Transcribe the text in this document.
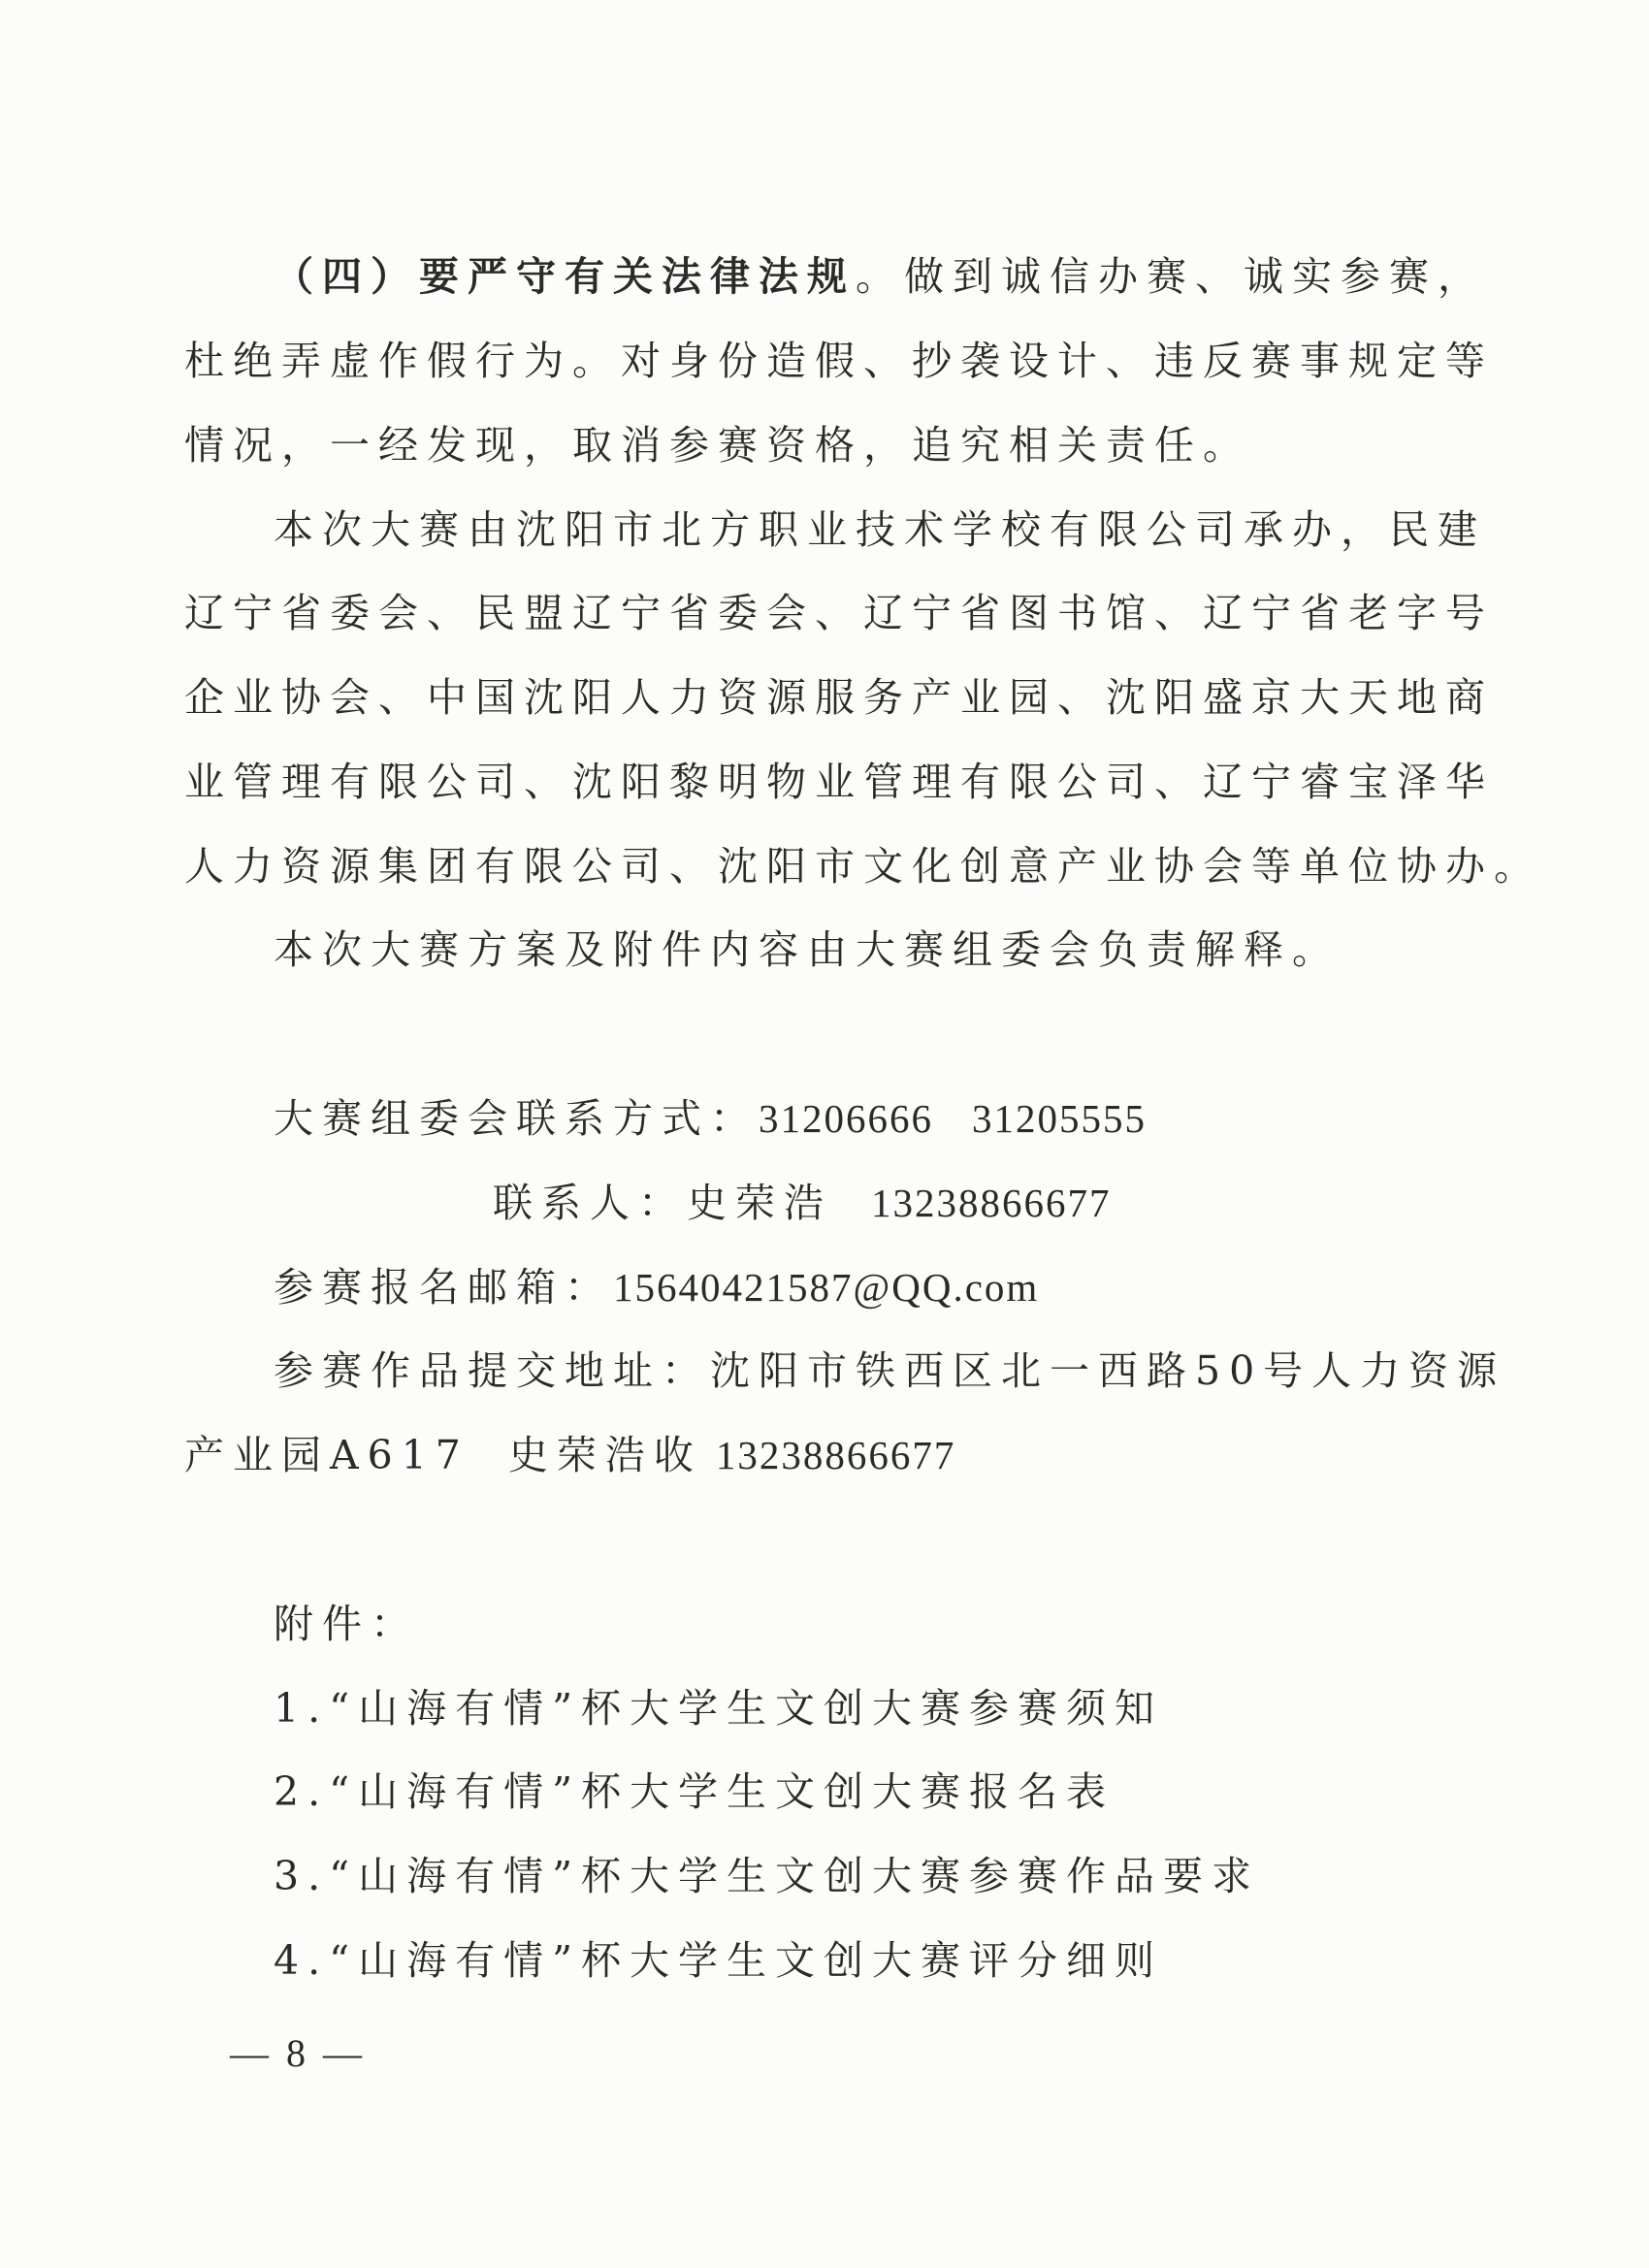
（四）要严守有关法律法规。做到诚信办赛、诚实参赛，
杜绝弄虚作假行为。对身份造假、抄袭设计、违反赛事规定等
情况，一经发现，取消参赛资格，追究相关责任。
本次大赛由沈阳市北方职业技术学校有限公司承办，民建
辽宁省委会、民盟辽宁省委会、辽宁省图书馆、辽宁省老字号
企业协会、中国沈阳人力资源服务产业园、沈阳盛京大天地商
业管理有限公司、沈阳黎明物业管理有限公司、辽宁睿宝泽华
人力资源集团有限公司、沈阳市文化创意产业协会等单位协办。
本次大赛方案及附件内容由大赛组委会负责解释。
大赛组委会联系方式：31206666 31205555
联系人：史荣浩 13238866677
参赛报名邮箱：15640421587@QQ.com
参赛作品提交地址：沈阳市铁西区北一西路50号人力资源
产业园A617 史荣浩收 13238866677
附件：
1.“山海有情”杯大学生文创大赛参赛须知
2.“山海有情”杯大学生文创大赛报名表
3.“山海有情”杯大学生文创大赛参赛作品要求
4.“山海有情”杯大学生文创大赛评分细则
— 8 —
